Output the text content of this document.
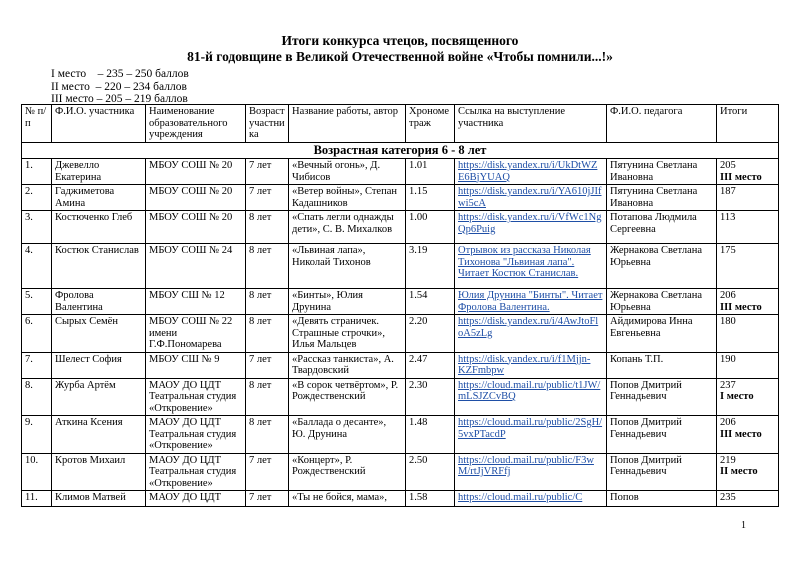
Итоги конкурса чтецов, посвященного
81-й годовщине в Великой Отечественной войне «Чтобы помнили...!»
I место    – 235 – 250 баллов
II место  – 220 – 234 баллов
III место – 205 – 219 баллов
№ п/п	Ф.И.О. участника	Наименование образовательного учреждения	Возраст участника	Название работы, автор	Хронометраж	Ссылка на выступление участника	Ф.И.О. педагога	Итоги
Возрастная категория 6 - 8 лет								
1.	Джевелло Екатерина	МБОУ СОШ № 20	7 лет	«Вечный огонь», Д. Чибисов	1.01	https://disk.yandex.ru/i/UkDtWZE6BjYUAQ	Пятунина Светлана Ивановна	205
III место
2.	Гаджиметова Амина	МБОУ СОШ № 20	7 лет	«Ветер войны», Степан Кадашников	1.15	https://disk.yandex.ru/i/YA610jJIfwi5cA	Пятунина Светлана Ивановна	187

3.	Костюченко Глеб	МБОУ СОШ № 20	8 лет	«Спать легли однажды дети», С. В. Михалков	1.00	https://disk.yandex.ru/i/VfWc1NgQp6Puig	Потапова Людмила Сергеевна	113

4.	Костюк Станислав	МБОУ СОШ № 24	8 лет	«Львиная лапа», Николай Тихонов	3.19	Отрывок из рассказа Николая Тихонова "Львиная лапа". Читает Костюк Станислав.	Жернакова Светлана Юрьевна	175

5.	Фролова Валентина	МБОУ СШ № 12	8 лет	«Бинты», Юлия Друнина	1.54	Юлия Друнина "Бинты". Читает Фролова Валентина.	Жернакова Светлана Юрьевна	206
III место
6.	Сырых Семён	МБОУ СОШ № 22 имени Г.Ф.Пономарева	8 лет	«Девять страничек. Страшные строчки», Илья Мальцев	2.20	https://disk.yandex.ru/i/4AwJtoFloA5zLg	Айдимирова Инна Евгеньевна	180

7.	Шелест София	МБОУ СШ № 9	7 лет	«Рассказ танкиста», А. Твардовский	2.47	https://disk.yandex.ru/i/f1Mjjn-KZFmbpw	Копань Т.П.	190

8.	Журба Артём	МАОУ ДО ЦДТ Театральная студия «Откровение»	8 лет	«В сорок четвёртом», Р. Рождественский	2.30	https://cloud.mail.ru/public/t1JW/mLSJZCvBQ	Попов Дмитрий Геннадьевич	237
I место
9.	Аткина Ксения	МАОУ ДО ЦДТ Театральная студия «Откровение»	8 лет	«Баллада о десанте», Ю. Друнина	1.48	https://cloud.mail.ru/public/2SgH/5vxPTacdP	Попов Дмитрий Геннадьевич	206
III место
10.	Кротов Михаил	МАОУ ДО ЦДТ Театральная студия «Откровение»	7 лет	«Концерт», Р. Рождественский	2.50	https://cloud.mail.ru/public/F3wM/rtJjVRFfj	Попов Дмитрий Геннадьевич	219
II место
11.	Климов Матвей	МАОУ ДО ЦДТ	7 лет	«Ты не бойся, мама»,	1.58	https://cloud.mail.ru/public/C	Попов	235
1
